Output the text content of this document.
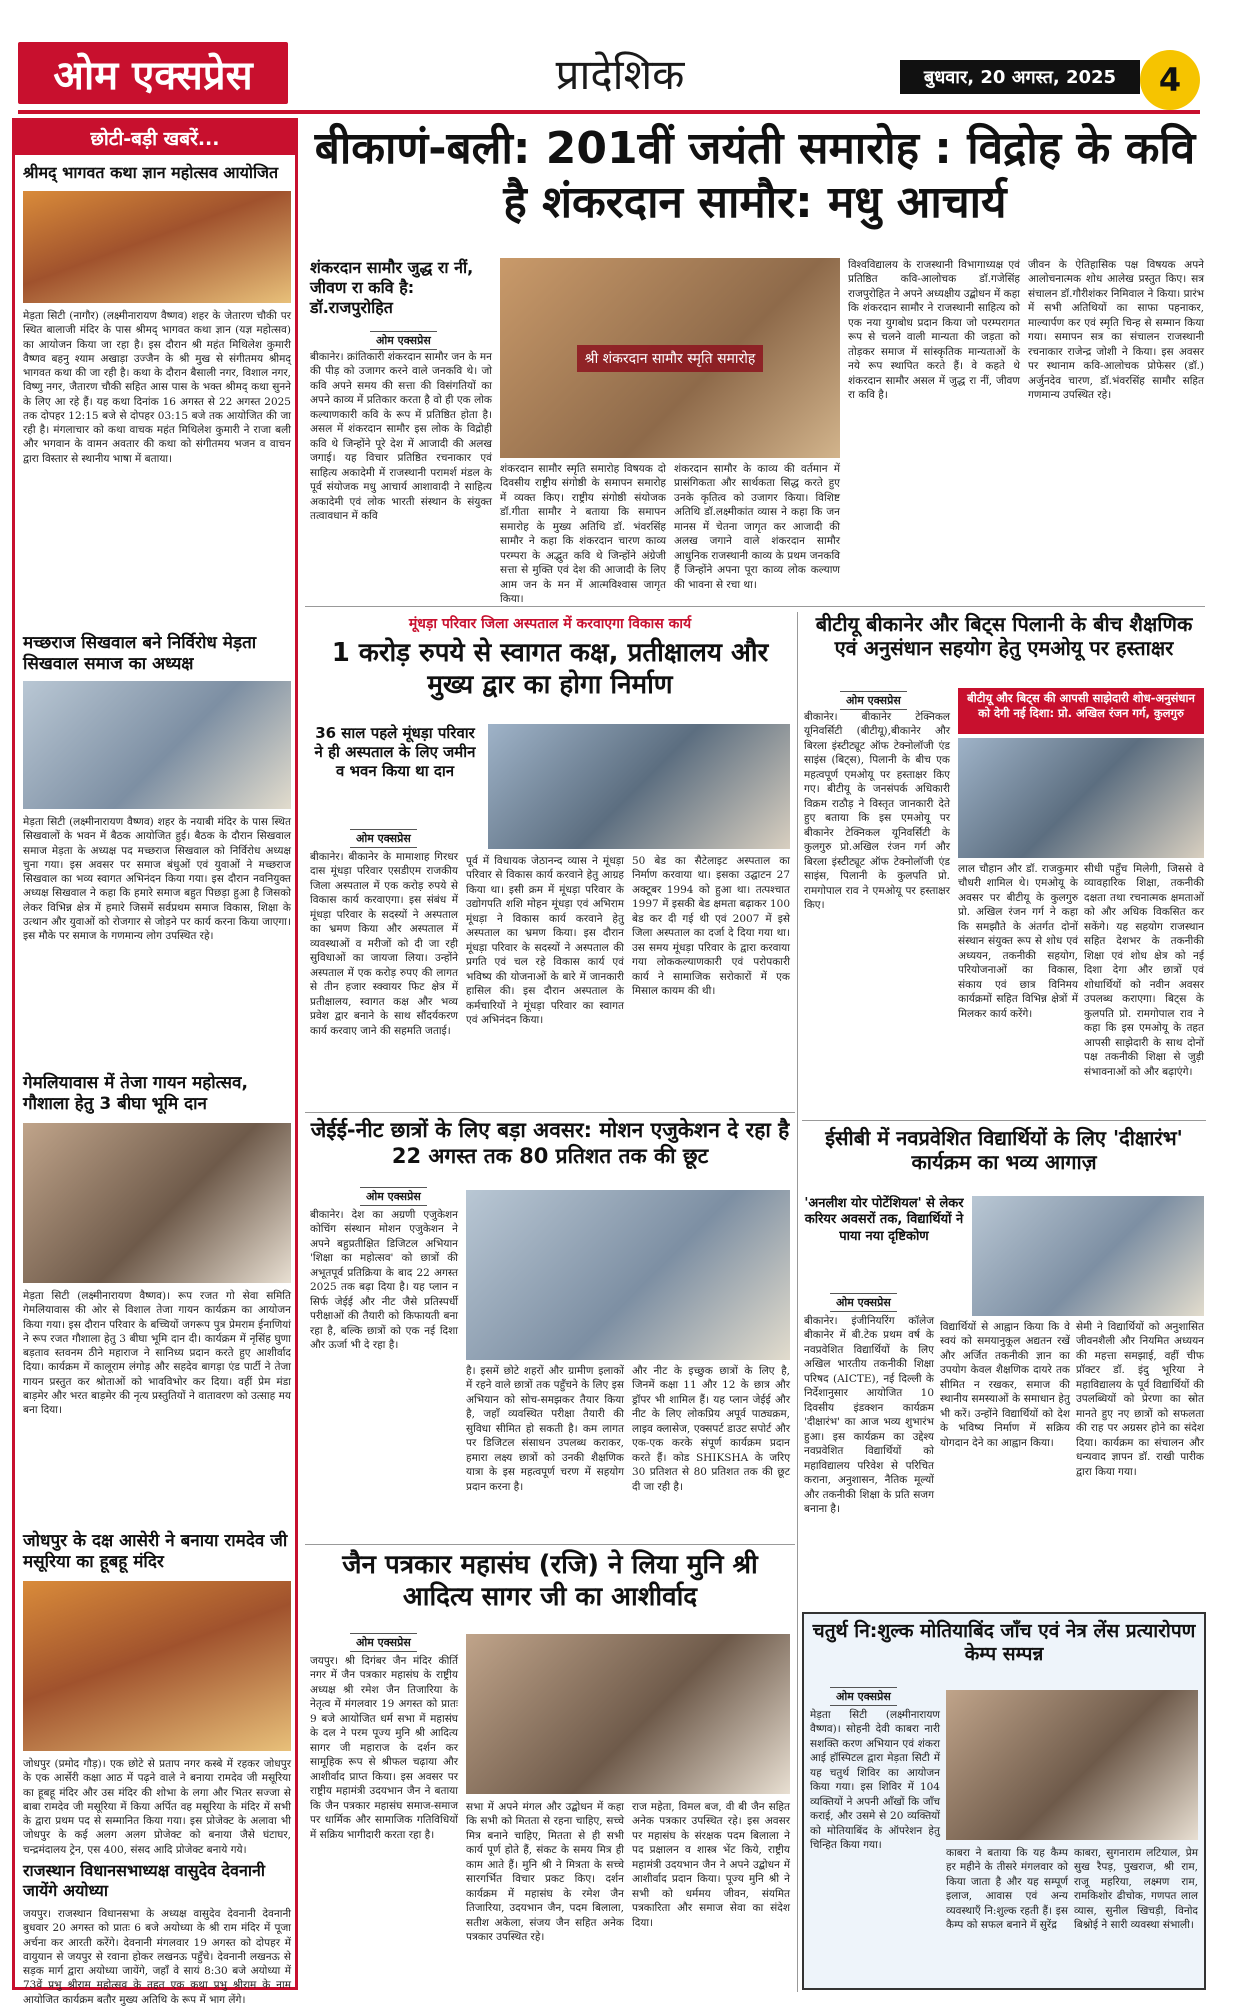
ओम एक्सप्रेस	प्रादेशिक	बुधवार, 20 अगस्त, 2025	4
छोटी-बड़ी खबरें...
श्रीमद् भागवत कथा ज्ञान महोत्सव आयोजित
मेड़ता सिटी (नागौर) (लक्ष्मीनारायण वैष्णव) शहर के जेतारण चौकी पर स्थित बालाजी मंदिर के पास श्रीमद् भागवत कथा ज्ञान (यज्ञ महोत्सव) का आयोजन किया जा रहा है। इस दौरान श्री महंत मिथिलेश कुमारी वैष्णव बहनु श्याम अखाड़ा उज्जैन के श्री मुख से संगीतमय श्रीमद् भागवत कथा की जा रही है। कथा के दौरान बैसाली नगर, विशाल नगर, विष्णु नगर, जैतारण चौकी सहित आस पास के भक्त श्रीमद् कथा सुनने के लिए आ रहे हैं। यह कथा दिनांक 16 अगस्त से 22 अगस्त 2025 तक दोपहर 12:15 बजे से दोपहर 03:15 बजे तक आयोजित की जा रही है। मंगलाचार को कथा वाचक महंत मिथिलेश कुमारी ने राजा बली और भगवान के वामन अवतार की कथा को संगीतमय भजन व वाचन द्वारा विस्तार से स्थानीय भाषा में बताया।
मच्छराज सिखवाल बने निर्विरोध मेड़ता सिखवाल समाज का अध्यक्ष
मेड़ता सिटी (लक्ष्मीनारायण वैष्णव) शहर के नयाबी मंदिर के पास स्थित सिखवालों के भवन में बैठक आयोजित हुई। बैठक के दौरान सिखवाल समाज मेड़ता के अध्यक्ष पद मच्छराज सिखवाल को निर्विरोध अध्यक्ष चुना गया। इस अवसर पर समाज बंधुओं एवं युवाओं ने मच्छराज सिखवाल का भव्य स्वागत अभिनंदन किया गया। इस दौरान नवनियुक्त अध्यक्ष सिखवाल ने कहा कि हमारे समाज बहुत पिछड़ा हुआ है जिसको लेकर विभिन्न क्षेत्र में हमारे जिसमें सर्वप्रथम समाज विकास, शिक्षा के उत्थान और युवाओं को रोजगार से जोड़ने पर कार्य करना किया जाएगा। इस मौके पर समाज के गणमान्य लोग उपस्थित रहे।
गेमलियावास में तेजा गायन महोत्सव, गौशाला हेतु 3 बीघा भूमि दान
मेड़ता सिटी (लक्ष्मीनारायण वैष्णव)। रूप रजत गो सेवा समिति गेमलियावास की ओर से विशाल तेजा गायन कार्यक्रम का आयोजन किया गया। इस दौरान परिवार के बच्चियों जगरूप पुत्र प्रेमराम ईनाणियां ने रूप रजत गौशाला हेतु 3 बीघा भूमि दान दी। कार्यक्रम में नृसिंह घुणा बड़ताव स्तवनम ठीने महाराज ने सानिध्य प्रदान करते हुए आशीर्वाद दिया। कार्यक्रम में कालूराम लंगोड़ और सहदेव बागड़ा एंड पार्टी ने तेजा गायन प्रस्तुत कर श्रोताओं को भावविभोर कर दिया। वहीं प्रेम मंडा बाड़मेर और भरत बाड़मेर की नृत्य प्रस्तुतियों ने वातावरण को उत्साह मय बना दिया।
जोधपुर के दक्ष आसेरी ने बनाया रामदेव जी मसूरिया का हूबहू मंदिर
जोधपुर (प्रमोद गौड़)। एक छोटे से प्रताप नगर कस्बे में रहकर जोधपुर के एक आर्सेरी कक्षा आठ में पढ़ने वाले ने बनाया रामदेव जी मसूरिया का हूबहू मंदिर और उस मंदिर की शोभा के लगा और भितर सज्जा से बाबा रामदेव जी मसूरिया में किया अर्पित वह मसूरिया के मंदिर में सभी के द्वारा प्रथम पद से सम्मानित किया गया। इस प्रोजेक्ट के अलावा भी जोधपुर के कई अलग अलग प्रोजेक्ट को बनाया जैसे घंटाघर, चन्द्रमंदालय ट्रेन, एस 400, संसद आदि प्रोजेक्ट बनाये गये।
राजस्थान विधानसभाध्यक्ष वासुदेव देवनानी जायेंगे अयोध्या
जयपुर। राजस्थान विधानसभा के अध्यक्ष वासुदेव देवनानी देवनानी बुधवार 20 अगस्त को प्रातः 6 बजे अयोध्या के श्री राम मंदिर में पूजा अर्चना कर आरती करेंगे। देवनानी मंगलवार 19 अगस्त को दोपहर में वायुयान से जयपुर से रवाना होकर लखनऊ पहुँचे। देवनानी लखनऊ से सड़क मार्ग द्वारा अयोध्या जायेंगे, जहाँ वे सायं 8:30 बजे अयोध्या में 73वें प्रभु श्रीराम महोत्सव के तहत एक कथा प्रभु श्रीराम के नाम आयोजित कार्यक्रम बतौर मुख्य अतिथि के रूप में भाग लेंगे।
बीकाणं-बली: 201वीं जयंती समारोह : विद्रोह के कवि है शंकरदान सामौर: मधु आचार्य
शंकरदान सामौर जुद्ध रा नीं, जीवण रा कवि है: डॉ.राजपुरोहित
ओम एक्सप्रेस
बीकानेर। क्रांतिकारी शंकरदान सामौर जन के मन की पीड़ को उजागर करने वाले जनकवि थे। जो कवि अपने समय की सत्ता की विसंगतियों का अपने काव्य में प्रतिकार करता है वो ही एक लोक कल्याणकारी कवि के रूप में प्रतिष्ठित होता है। असल में शंकरदान सामौर इस लोक के विद्रोही कवि थे जिन्होंने पूरे देश में आजादी की अलख जगाई। यह विचार प्रतिष्ठित रचनाकार एवं साहित्य अकादेमी में राजस्थानी परामर्श मंडल के पूर्व संयोजक मधु आचार्य आशावादी ने साहित्य अकादेमी एवं लोक भारती संस्थान के संयुक्त तत्वावधान में कवि
श्री शंकरदान सामौर स्मृति समारोह
शंकरदान सामौर स्मृति समारोह विषयक दो दिवसीय राष्ट्रीय संगोष्ठी के समापन समारोह में व्यक्त किए। राष्ट्रीय संगोष्ठी संयोजक डॉ.गीता सामौर ने बताया कि समापन समारोह के मुख्य अतिथि डॉ. भंवरसिंह सामौर ने कहा कि शंकरदान चारण काव्य परम्परा के अद्भुत कवि थे जिन्होंने अंग्रेजी सत्ता से मुक्ति एवं देश की आजादी के लिए आम जन के मन में आत्मविश्वास जागृत किया।
शंकरदान सामौर के काव्य की वर्तमान में प्रासंगिकता और सार्थकता सिद्ध करते हुए उनके कृतित्व को उजागर किया। विशिष्ट अतिथि डॉ.लक्ष्मीकांत व्यास ने कहा कि जन मानस में चेतना जागृत कर आजादी की अलख जगाने वाले शंकरदान सामौर आधुनिक राजस्थानी काव्य के प्रथम जनकवि हैं जिन्होंने अपना पूरा काव्य लोक कल्याण की भावना से रचा था।
विश्वविद्यालय के राजस्थानी विभागाध्यक्ष एवं प्रतिष्ठित कवि-आलोचक डॉ.गजेसिंह राजपुरोहित ने अपने अध्यक्षीय उद्बोधन में कहा कि शंकरदान सामौर ने राजस्थानी साहित्य को एक नया युगबोध प्रदान किया जो परम्परागत रूप से चलने वाली मान्यता की जड़ता को तोड़कर समाज में सांस्कृतिक मान्यताओं के नये रूप स्थापित करते हैं। वे कहते थे शंकरदान सामौर असल में जुद्ध रा नीं, जीवण रा कवि है।
जीवन के ऐतिहासिक पक्ष विषयक अपने आलोचनात्मक शोध आलेख प्रस्तुत किए। सत्र संचालन डॉ.गौरीशंकर निमिवाल ने किया। प्रारंभ में सभी अतिथियों का साफा पहनाकर, माल्यार्पण कर एवं स्मृति चिन्ह से सम्मान किया गया। समापन सत्र का संचालन राजस्थानी रचनाकार राजेन्द्र जोशी ने किया। इस अवसर पर स्थानाम कवि-आलोचक प्रोफेसर (डॉ.) अर्जुनदेव चारण, डॉ.भंवरसिंह सामौर सहित गणमान्य उपस्थित रहे।
मूंधड़ा परिवार जिला अस्पताल में करवाएगा विकास कार्य
1 करोड़ रुपये से स्वागत कक्ष, प्रतीक्षालय और मुख्य द्वार का होगा निर्माण
36 साल पहले मूंधड़ा परिवार ने ही अस्पताल के लिए जमीन व भवन किया था दान
ओम एक्सप्रेस
बीकानेर। बीकानेर के मामाशाह गिरधर दास मूंधड़ा परिवार एसडीएम राजकीय जिला अस्पताल में एक करोड़ रुपये से विकास कार्य करवाएगा। इस संबंध में मूंधड़ा परिवार के सदस्यों ने अस्पताल का भ्रमण किया और अस्पताल में व्यवस्थाओं व मरीजों को दी जा रही सुविधाओं का जायजा लिया। उन्होंने अस्पताल में एक करोड़ रुपए की लागत से तीन हजार स्क्वायर फिट क्षेत्र में प्रतीक्षालय, स्वागत कक्ष और भव्य प्रवेश द्वार बनाने के साथ सौंदर्यकरण कार्य करवाए जाने की सहमति जताई।
पूर्व में विधायक जेठानन्द व्यास ने मूंधड़ा परिवार से विकास कार्य करवाने हेतु आग्रह किया था। इसी क्रम में मूंधड़ा परिवार के उद्योगपति शशि मोहन मूंधड़ा एवं अभिराम मूंधड़ा ने विकास कार्य करवाने हेतु अस्पताल का भ्रमण किया। इस दौरान मूंधड़ा परिवार के सदस्यों ने अस्पताल की प्रगति एवं चल रहे विकास कार्य एवं भविष्य की योजनाओं के बारे में जानकारी हासिल की। इस दौरान अस्पताल के कर्मचारियों ने मूंधड़ा परिवार का स्वागत एवं अभिनंदन किया।
50 बेड का सैटेलाइट अस्पताल का निर्माण करवाया था। इसका उद्घाटन 27 अक्टूबर 1994 को हुआ था। तत्पश्चात 1997 में इसकी बेड क्षमता बढ़ाकर 100 बेड कर दी गई थी एवं 2007 में इसे जिला अस्पताल का दर्जा दे दिया गया था। उस समय मूंधड़ा परिवार के द्वारा करवाया गया लोककल्याणकारी एवं परोपकारी कार्य ने सामाजिक सरोकारों में एक मिसाल कायम की थी।
जेईई-नीट छात्रों के लिए बड़ा अवसर: मोशन एजुकेशन दे रहा है 22 अगस्त तक 80 प्रतिशत तक की छूट
ओम एक्सप्रेस
बीकानेर। देश का अग्रणी एजुकेशन कोचिंग संस्थान मोशन एजुकेशन ने अपने बहुप्रतीक्षित डिजिटल अभियान 'शिक्षा का महोत्सव' को छात्रों की अभूतपूर्व प्रतिक्रिया के बाद 22 अगस्त 2025 तक बढ़ा दिया है। यह प्लान न सिर्फ जेईई और नीट जैसे प्रतिस्पर्धी परीक्षाओं की तैयारी को किफायती बना रहा है, बल्कि छात्रों को एक नई दिशा और ऊर्जा भी दे रहा है।
है। इसमें छोटे शहरों और ग्रामीण इलाकों में रहने वाले छात्रों तक पहुँचने के लिए इस अभियान को सोच-समझकर तैयार किया है, जहाँ व्यवस्थित परीक्षा तैयारी की सुविधा सीमित हो सकती है। कम लागत पर डिजिटल संसाधन उपलब्ध कराकर, हमारा लक्ष्य छात्रों को उनकी शैक्षणिक यात्रा के इस महत्वपूर्ण चरण में सहयोग प्रदान करना है।
और नीट के इच्छुक छात्रों के लिए है, जिनमें कक्षा 11 और 12 के छात्र और ड्रॉपर भी शामिल हैं। यह प्लान जेईई और नीट के लिए लोकप्रिय अपूर्व पाठ्यक्रम, लाइव क्लासेज, एक्सपर्ट डाउट सपोर्ट और एक-एक करके संपूर्ण कार्यक्रम प्रदान करते हैं। कोड SHIKSHA के जरिए 30 प्रतिशत से 80 प्रतिशत तक की छूट दी जा रही है।
जैन पत्रकार महासंघ (रजि) ने लिया मुनि श्री आदित्य सागर जी का आशीर्वाद
ओम एक्सप्रेस
जयपुर। श्री दिगंबर जैन मंदिर कीर्ति नगर में जैन पत्रकार महासंघ के राष्ट्रीय अध्यक्ष श्री रमेश जैन तिजारिया के नेतृत्व में मंगलवार 19 अगस्त को प्रातः 9 बजे आयोजित धर्म सभा में महासंघ के दल ने परम पूज्य मुनि श्री आदित्य सागर जी महाराज के दर्शन कर सामूहिक रूप से श्रीफल चढ़ाया और आशीर्वाद प्राप्त किया। इस अवसर पर राष्ट्रीय महामंत्री उदयभान जैन ने बताया कि जैन पत्रकार महासंघ समाज-समाज पर धार्मिक और सामाजिक गतिविधियों में सक्रिय भागीदारी करता रहा है।
सभा में अपने मंगल और उद्बोधन में कहा कि सभी को मितता से रहना चाहिए, सच्चे मित्र बनाने चाहिए, मितता से ही सभी कार्य पूर्ण होते हैं, संकट के समय मित्र ही काम आते हैं। मुनि श्री ने मित्रता के सच्चे सारगर्भित विचार प्रकट किए। दर्शन कार्यक्रम में महासंघ के रमेश जैन तिजारिया, उदयभान जैन, पदम बिलाला, सतीश अकेला, संजय जैन सहित अनेक पत्रकार उपस्थित रहे।
राज महेता, विमल बज, वी बी जैन सहित अनेक पत्रकार उपस्थित रहे। इस अवसर पर महासंघ के संरक्षक पदम बिलाला ने पद प्रक्षालन व शास्त्र भेंट किये, राष्ट्रीय महामंत्री उदयभान जैन ने अपने उद्बोधन में आशीर्वाद प्रदान किया। पूज्य मुनि श्री ने सभी को धर्ममय जीवन, संयमित पत्रकारिता और समाज सेवा का संदेश दिया।
बीटीयू बीकानेर और बिट्स पिलानी के बीच शैक्षणिक एवं अनुसंधान सहयोग हेतु एमओयू पर हस्ताक्षर
ओम एक्सप्रेस
बीकानेर। बीकानेर टेक्निकल यूनिवर्सिटी (बीटीयू),बीकानेर और बिरला इंस्टीट्यूट ऑफ टेक्नोलॉजी एंड साइंस (बिट्स), पिलानी के बीच एक महत्वपूर्ण एमओयू पर हस्ताक्षर किए गए। बीटीयू के जनसंपर्क अधिकारी विक्रम राठौड़ ने विस्तृत जानकारी देते हुए बताया कि इस एमओयू पर बीकानेर टेक्निकल यूनिवर्सिटी के कुलगुरु प्रो.अखिल रंजन गर्ग और बिरला इंस्टीट्यूट ऑफ टेक्नोलॉजी एंड साइंस, पिलानी के कुलपति प्रो. रामगोपाल राव ने एमओयू पर हस्ताक्षर किए।
बीटीयू और बिट्स की आपसी साझेदारी शोध-अनुसंधान को देगी नई दिशा: प्रो. अखिल रंजन गर्ग, कुलगुरु
लाल चौहान और डॉ. राजकुमार चौधरी शामिल थे। एमओयू के अवसर पर बीटीयू के कुलगुरु प्रो. अखिल रंजन गर्ग ने कहा कि समझौते के अंतर्गत दोनों संस्थान संयुक्त रूप से शोध एवं अध्ययन, तकनीकी सहयोग, परियोजनाओं का विकास, संकाय एवं छात्र विनिमय कार्यक्रमों सहित विभिन्न क्षेत्रों में मिलकर कार्य करेंगे।
सीधी पहुँच मिलेगी, जिससे वे व्यावहारिक शिक्षा, तकनीकी दक्षता तथा रचनात्मक क्षमताओं को और अधिक विकसित कर सकेंगे। यह सहयोग राजस्थान सहित देशभर के तकनीकी शिक्षा एवं शोध क्षेत्र को नई दिशा देगा और छात्रों एवं शोधार्थियों को नवीन अवसर उपलब्ध कराएगा। बिट्स के कुलपति प्रो. रामगोपाल राव ने कहा कि इस एमओयू के तहत आपसी साझेदारी के साथ दोनों पक्ष तकनीकी शिक्षा से जुड़ी संभावनाओं को और बढ़ाएंगे।
ईसीबी में नवप्रवेशित विद्यार्थियों के लिए 'दीक्षारंभ' कार्यक्रम का भव्य आगाज़
'अनलीश योर पोटेंशियल' से लेकर करियर अवसरों तक, विद्यार्थियों ने पाया नया दृष्टिकोण
ओम एक्सप्रेस
बीकानेर। इंजीनियरिंग कॉलेज बीकानेर में बी.टेक प्रथम वर्ष के नवप्रवेशित विद्यार्थियों के लिए अखिल भारतीय तकनीकी शिक्षा परिषद (AICTE), नई दिल्ली के निर्देशानुसार आयोजित 10 दिवसीय इंडक्शन कार्यक्रम 'दीक्षारंभ' का आज भव्य शुभारंभ हुआ। इस कार्यक्रम का उद्देश्य नवप्रवेशित विद्यार्थियों को महाविद्यालय परिवेश से परिचित कराना, अनुशासन, नैतिक मूल्यों और तकनीकी शिक्षा के प्रति सजग बनाना है।
विद्यार्थियों से आह्वान किया कि वे स्वयं को समयानुकूल अद्यतन रखें और अर्जित तकनीकी ज्ञान का उपयोग केवल शैक्षणिक दायरे तक सीमित न रखकर, समाज की स्थानीय समस्याओं के समाधान हेतु भी करें। उन्होंने विद्यार्थियों को देश के भविष्य निर्माण में सक्रिय योगदान देने का आह्वान किया।
सेमी ने विद्यार्थियों को अनुशासित जीवनशैली और नियमित अध्ययन की महत्ता समझाई, वहीं चीफ प्रॉक्टर डॉ. इंदु भूरिया ने महाविद्यालय के पूर्व विद्यार्थियों की उपलब्धियों को प्रेरणा का स्रोत मानते हुए नए छात्रों को सफलता की राह पर अग्रसर होने का संदेश दिया। कार्यक्रम का संचालन और धन्यवाद ज्ञापन डॉ. राखी पारीक द्वारा किया गया।
चतुर्थ नि:शुल्क मोतियाबिंद जाँच एवं नेत्र लेंस प्रत्यारोपण केम्प सम्पन्न
ओम एक्सप्रेस
मेड़ता सिटी (लक्ष्मीनारायण वैष्णव)। सोहनी देवी काबरा नारी सशक्ति करण अभियान एवं शंकरा आई हॉस्पिटल द्वारा मेड़ता सिटी में यह चतुर्थ शिविर का आयोजन किया गया। इस शिविर में 104 व्यक्तियों ने अपनी आँखों कि जाँच कराई, और उसमे से 20 व्यक्तियों को मोतियाबिंद के ऑपरेशन हेतु चिन्हित किया गया।
काबरा ने बताया कि यह कैम्प हर महीने के तीसरे मंगलवार को किया जाता है और यह सम्पूर्ण इलाज, आवास एवं अन्य व्यवस्थाएँ नि:शुल्क रहती हैं। इस कैम्प को सफल बनाने में सुरेंद्र
काबरा, सुगनाराम लटियाल, प्रेम सुख रैपड़, पुखराज, श्री राम, राजू महरिया, लक्ष्मण राम, रामकिशोर ढीचोक, गणपत लाल व्यास, सुनील खिचड़ी, विनोद बिश्नोई ने सारी व्यवस्था संभाली।
